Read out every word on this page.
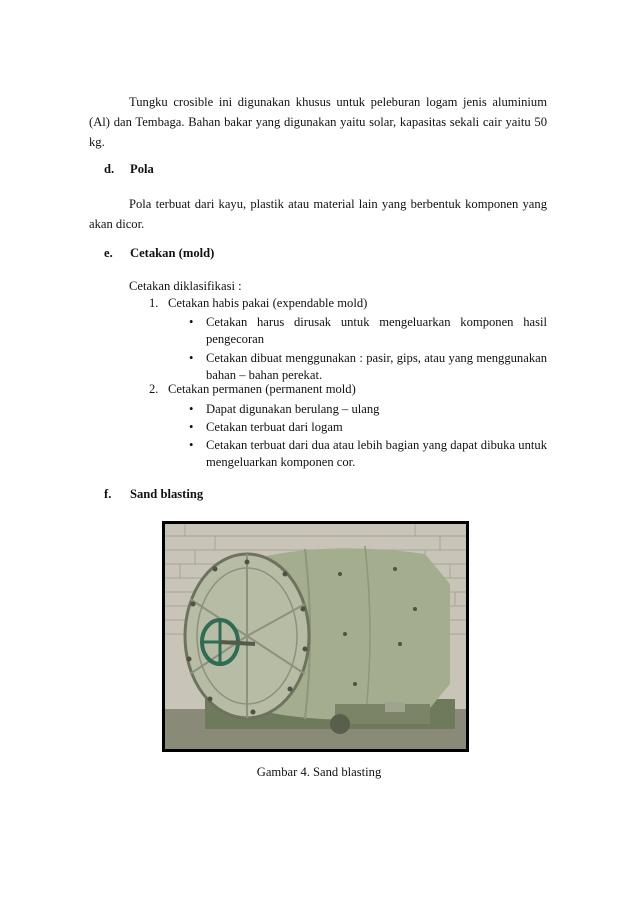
Tungku crosible ini digunakan khusus untuk peleburan logam jenis aluminium (Al) dan Tembaga. Bahan bakar yang digunakan yaitu solar, kapasitas sekali cair yaitu 50 kg.

d. Pola

Pola terbuat dari kayu, plastik atau material lain yang berbentuk komponen yang akan dicor.

e. Cetakan (mold)

Cetakan diklasifikasi :

1. Cetakan habis pakai (expendable mold)
• Cetakan harus dirusak untuk mengeluarkan komponen hasil pengecoran
• Cetakan dibuat menggunakan : pasir, gips, atau yang menggunakan bahan – bahan perekat.
2. Cetakan permanen (permanent mold)
• Dapat digunakan berulang – ulang
• Cetakan terbuat dari logam
• Cetakan terbuat dari dua atau lebih bagian yang dapat dibuka untuk mengeluarkan komponen cor.
f. Sand blasting
Gambar 4. Sand blasting
